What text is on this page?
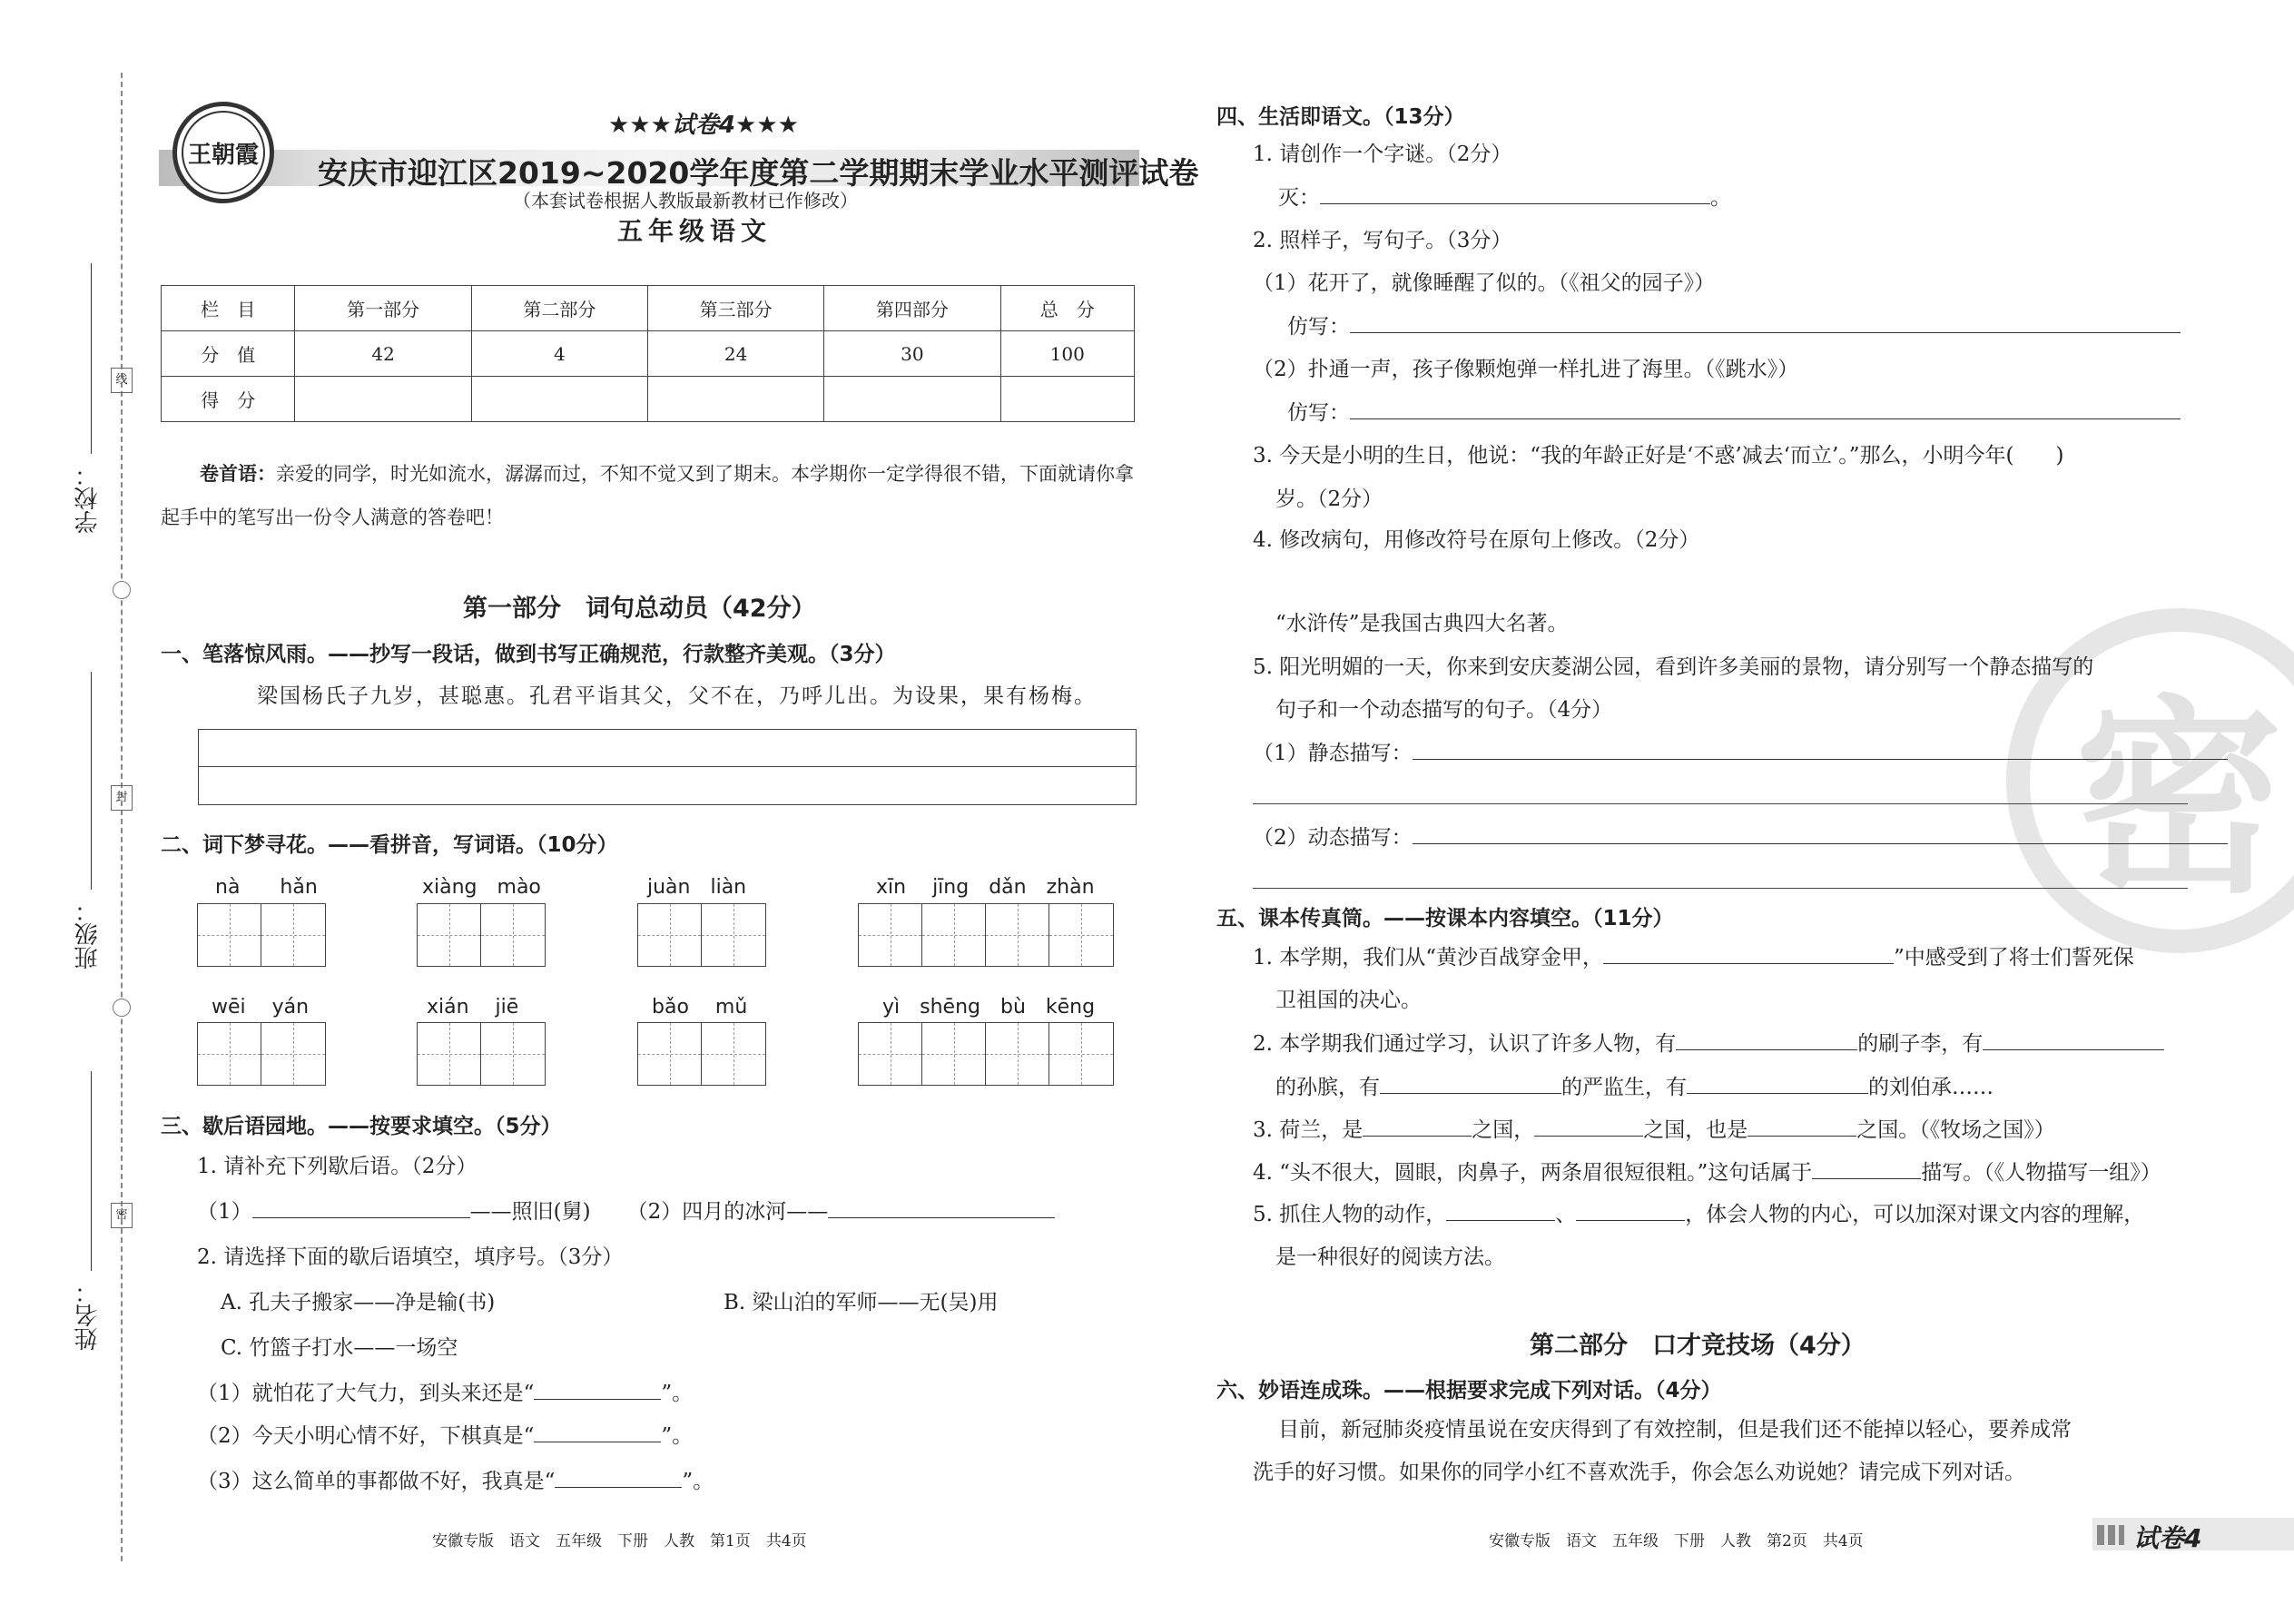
线
封
密
学校：
班级：
姓名：
王朝霞
★★★试卷4★★★
安庆市迎江区2019~2020学年度第二学期期末学业水平测评试卷
（本套试卷根据人教版最新教材已作修改）
五年级语文
栏　目	第一部分	第二部分	第三部分	第四部分	总　分
分　值	42	4	24	30	100
得　分					
卷首语：亲爱的同学，时光如流水，潺潺而过，不知不觉又到了期末。本学期你一定学得很不错，下面就请你拿
起手中的笔写出一份令人满意的答卷吧！
第一部分　词句总动员（42分）
一、笔落惊风雨。——抄写一段话，做到书写正确规范，行款整齐美观。（3分）
梁国杨氏子九岁，甚聪惠。孔君平诣其父，父不在，乃呼儿出。为设果，果有杨梅。
二、词下梦寻花。——看拼音，写词语。（10分）
nà　　hǎn	xiàng　mào	juàn　liàn	xīn　 jīng　dǎn　zhàn
wēi　 yán	xián　 jiē	bǎo　 mǔ	yì　shēng　bù　kēng
三、歇后语园地。——按要求填空。（5分）
1. 请补充下列歇后语。（2分）
（1）	——照旧(舅) （2）四月的冰河——
2. 请选择下面的歇后语填空，填序号。（3分）
A. 孔夫子搬家——净是输(书)	B. 梁山泊的军师——无(吴)用
C. 竹篮子打水——一场空
（1）就怕花了大气力，到头来还是“	”。
（2）今天小明心情不好，下棋真是“	”。
（3）这么简单的事都做不好，我真是“	”。
安徽专版　语文　五年级　下册　人教　第1页　共4页
密
四、生活即语文。（13分）
1. 请创作一个字谜。（2分）
灭：	。
2. 照样子，写句子。（3分）
（1）花开了，就像睡醒了似的。（《祖父的园子》）
仿写：
（2）扑通一声，孩子像颗炮弹一样扎进了海里。（《跳水》）
仿写：
3. 今天是小明的生日，他说：“我的年龄正好是‘不惑’减去‘而立’。”那么，小明今年(　　)
岁。（2分）
4. 修改病句，用修改符号在原句上修改。（2分）
“水浒传”是我国古典四大名著。
5. 阳光明媚的一天，你来到安庆菱湖公园，看到许多美丽的景物，请分别写一个静态描写的
句子和一个动态描写的句子。（4分）
（1）静态描写：
（2）动态描写：
五、课本传真筒。——按课本内容填空。（11分）
1. 本学期，我们从“黄沙百战穿金甲，	”中感受到了将士们誓死保
卫祖国的决心。
2. 本学期我们通过学习，认识了许多人物，有	的刷子李，有
的孙膑，有	的严监生，有	的刘伯承……
3. 荷兰，是	之国，	之国，也是	之国。（《牧场之国》）
4. “头不很大，圆眼，肉鼻子，两条眉很短很粗。”这句话属于	描写。（《人物描写一组》）
5. 抓住人物的动作，	、	，体会人物的内心，可以加深对课文内容的理解，
是一种很好的阅读方法。
第二部分　口才竞技场（4分）
六、妙语连成珠。——根据要求完成下列对话。（4分）
目前，新冠肺炎疫情虽说在安庆得到了有效控制，但是我们还不能掉以轻心，要养成常
洗手的好习惯。如果你的同学小红不喜欢洗手，你会怎么劝说她？请完成下列对话。
安徽专版　语文　五年级　下册　人教　第2页　共4页	试卷4
